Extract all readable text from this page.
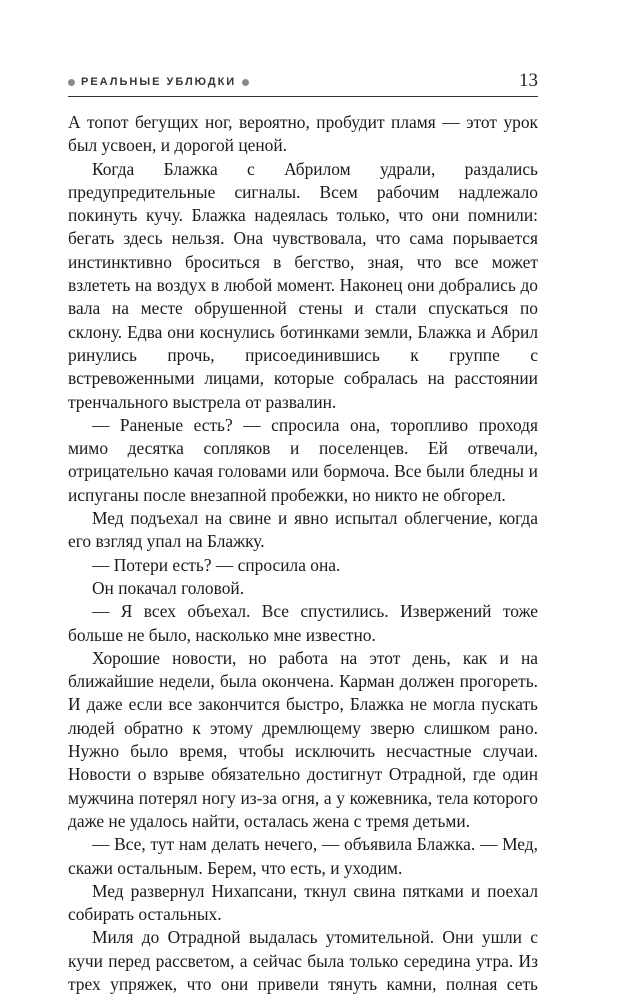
РЕАЛЬНЫЕ УБЛЮДКИ	13

А топот бегущих ног, вероятно, пробудит пламя — этот урок был усвоен, и дорогой ценой.

Когда Блажка с Абрилом удрали, раздались предупредительные сигналы. Всем рабочим надлежало покинуть кучу. Блажка надеялась только, что они помнили: бегать здесь нельзя. Она чувствовала, что сама порывается инстинктивно броситься в бегство, зная, что все может взлететь на воздух в любой момент. Наконец они добрались до вала на месте обрушенной стены и стали спускаться по склону. Едва они коснулись ботинками земли, Блажка и Абрил ринулись прочь, присоединившись к группе с встревоженными лицами, которые собралась на расстоянии тренчального выстрела от развалин.

— Раненые есть? — спросила она, торопливо проходя мимо десятка сопляков и поселенцев. Ей отвечали, отрицательно качая головами или бормоча. Все были бледны и испуганы после внезапной пробежки, но никто не обгорел.

Мед подъехал на свине и явно испытал облегчение, когда его взгляд упал на Блажку.

— Потери есть? — спросила она.

Он покачал головой.

— Я всех объехал. Все спустились. Извержений тоже больше не было, насколько мне известно.

Хорошие новости, но работа на этот день, как и на ближайшие недели, была окончена. Карман должен прогореть. И даже если все закончится быстро, Блажка не могла пускать людей обратно к этому дремлющему зверю слишком рано. Нужно было время, чтобы исключить несчастные случаи. Новости о взрыве обязательно достигнут Отрадной, где один мужчина потерял ногу из-за огня, а у кожевника, тела которого даже не удалось найти, осталась жена с тремя детьми.

— Все, тут нам делать нечего, — объявила Блажка. — Мед, скажи остальным. Берем, что есть, и уходим.

Мед развернул Нихапсани, ткнул свина пятками и поехал собирать остальных.

Миля до Отрадной выдалась утомительной. Они ушли с кучи перед рассветом, а сейчас была только середина утра. Из трех упряжек, что они привели тянуть камни, полная сеть
